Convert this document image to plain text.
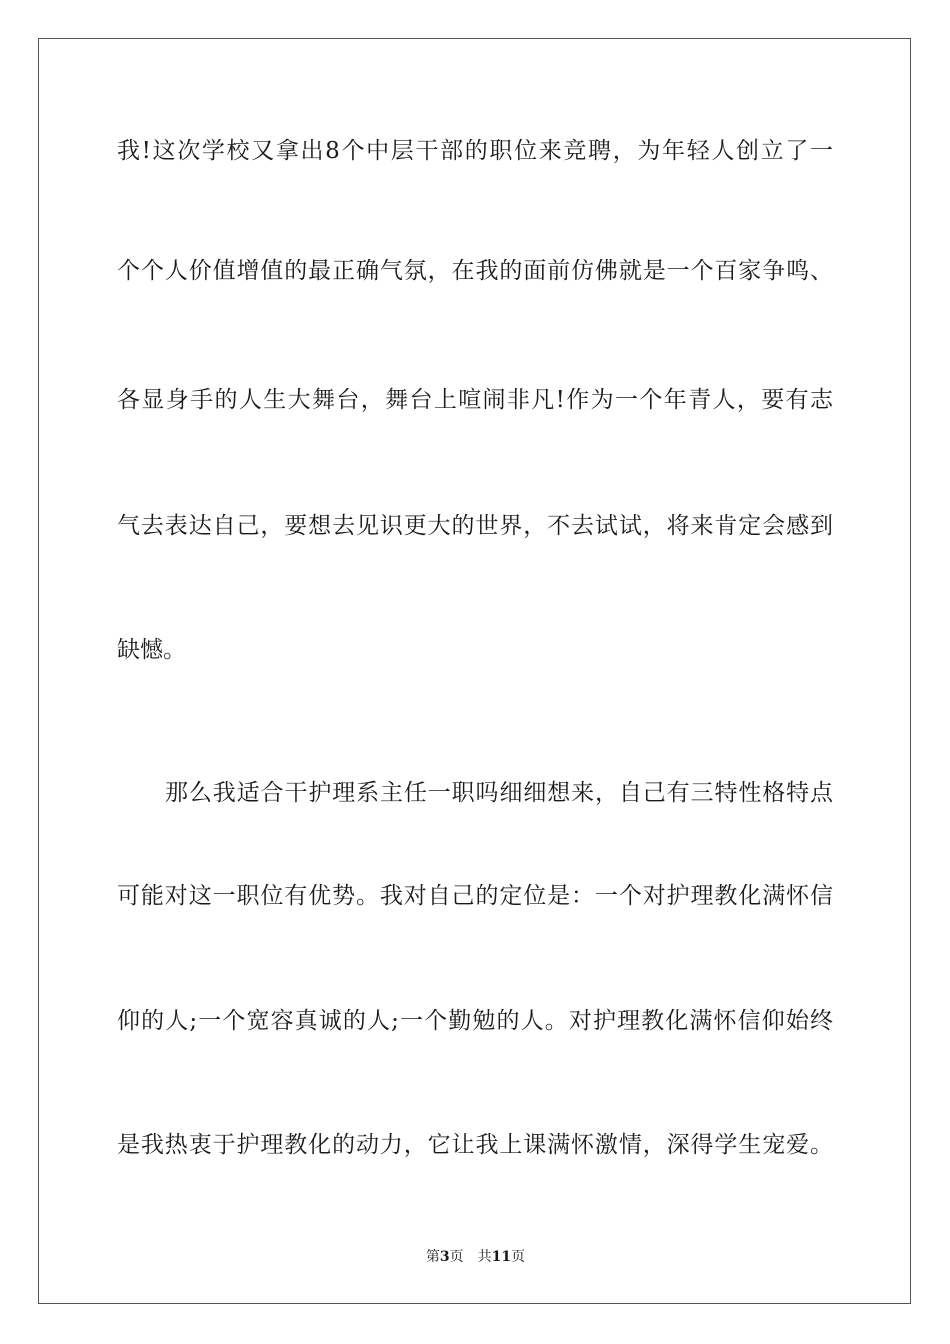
我!这次学校又拿出8个中层干部的职位来竞聘，为年轻人创立了一
个个人价值增值的最正确气氛，在我的面前仿佛就是一个百家争鸣、
各显身手的人生大舞台，舞台上喧闹非凡!作为一个年青人，要有志
气去表达自己，要想去见识更大的世界，不去试试，将来肯定会感到
缺憾。
那么我适合干护理系主任一职吗细细想来，自己有三特性格特点
可能对这一职位有优势。我对自己的定位是：一个对护理教化满怀信
仰的人;一个宽容真诚的人;一个勤勉的人。对护理教化满怀信仰始终
是我热衷于护理教化的动力，它让我上课满怀激情，深得学生宠爱。
第3页 共11页
